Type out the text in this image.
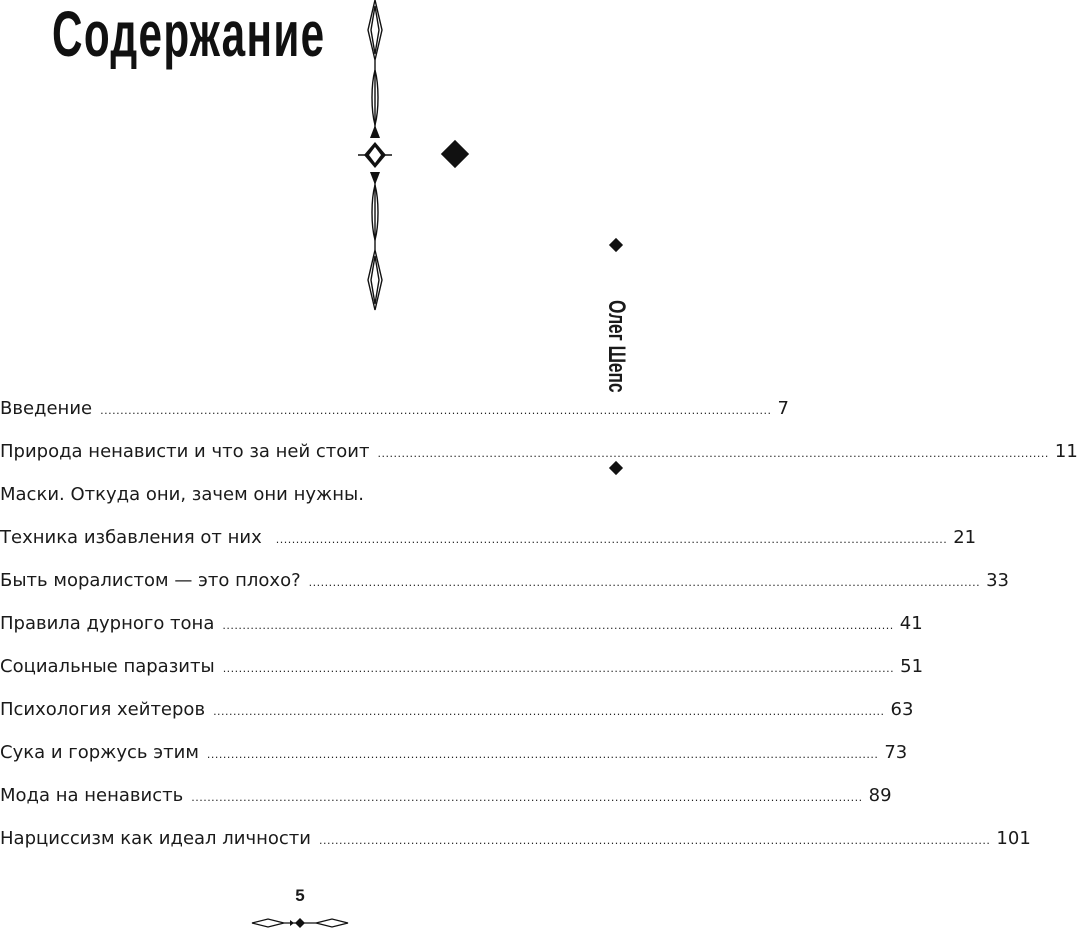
Содержание
Олег Шепс
Введение ........................................................................................................................................................................ 7
Природа ненависти и что за ней стоит ........................................................................................................................................................................ 11
Маски. Откуда они, зачем они нужны.
Техника избавления от них ........................................................................................................................................................................ 21
Быть моралистом — это плохо? ........................................................................................................................................................................ 33
Правила дурного тона ........................................................................................................................................................................ 41
Социальные паразиты ........................................................................................................................................................................ 51
Психология хейтеров ........................................................................................................................................................................ 63
Сука и горжусь этим ........................................................................................................................................................................ 73
Мода на ненависть ........................................................................................................................................................................ 89
Нарциссизм как идеал личности ........................................................................................................................................................................ 101
5
